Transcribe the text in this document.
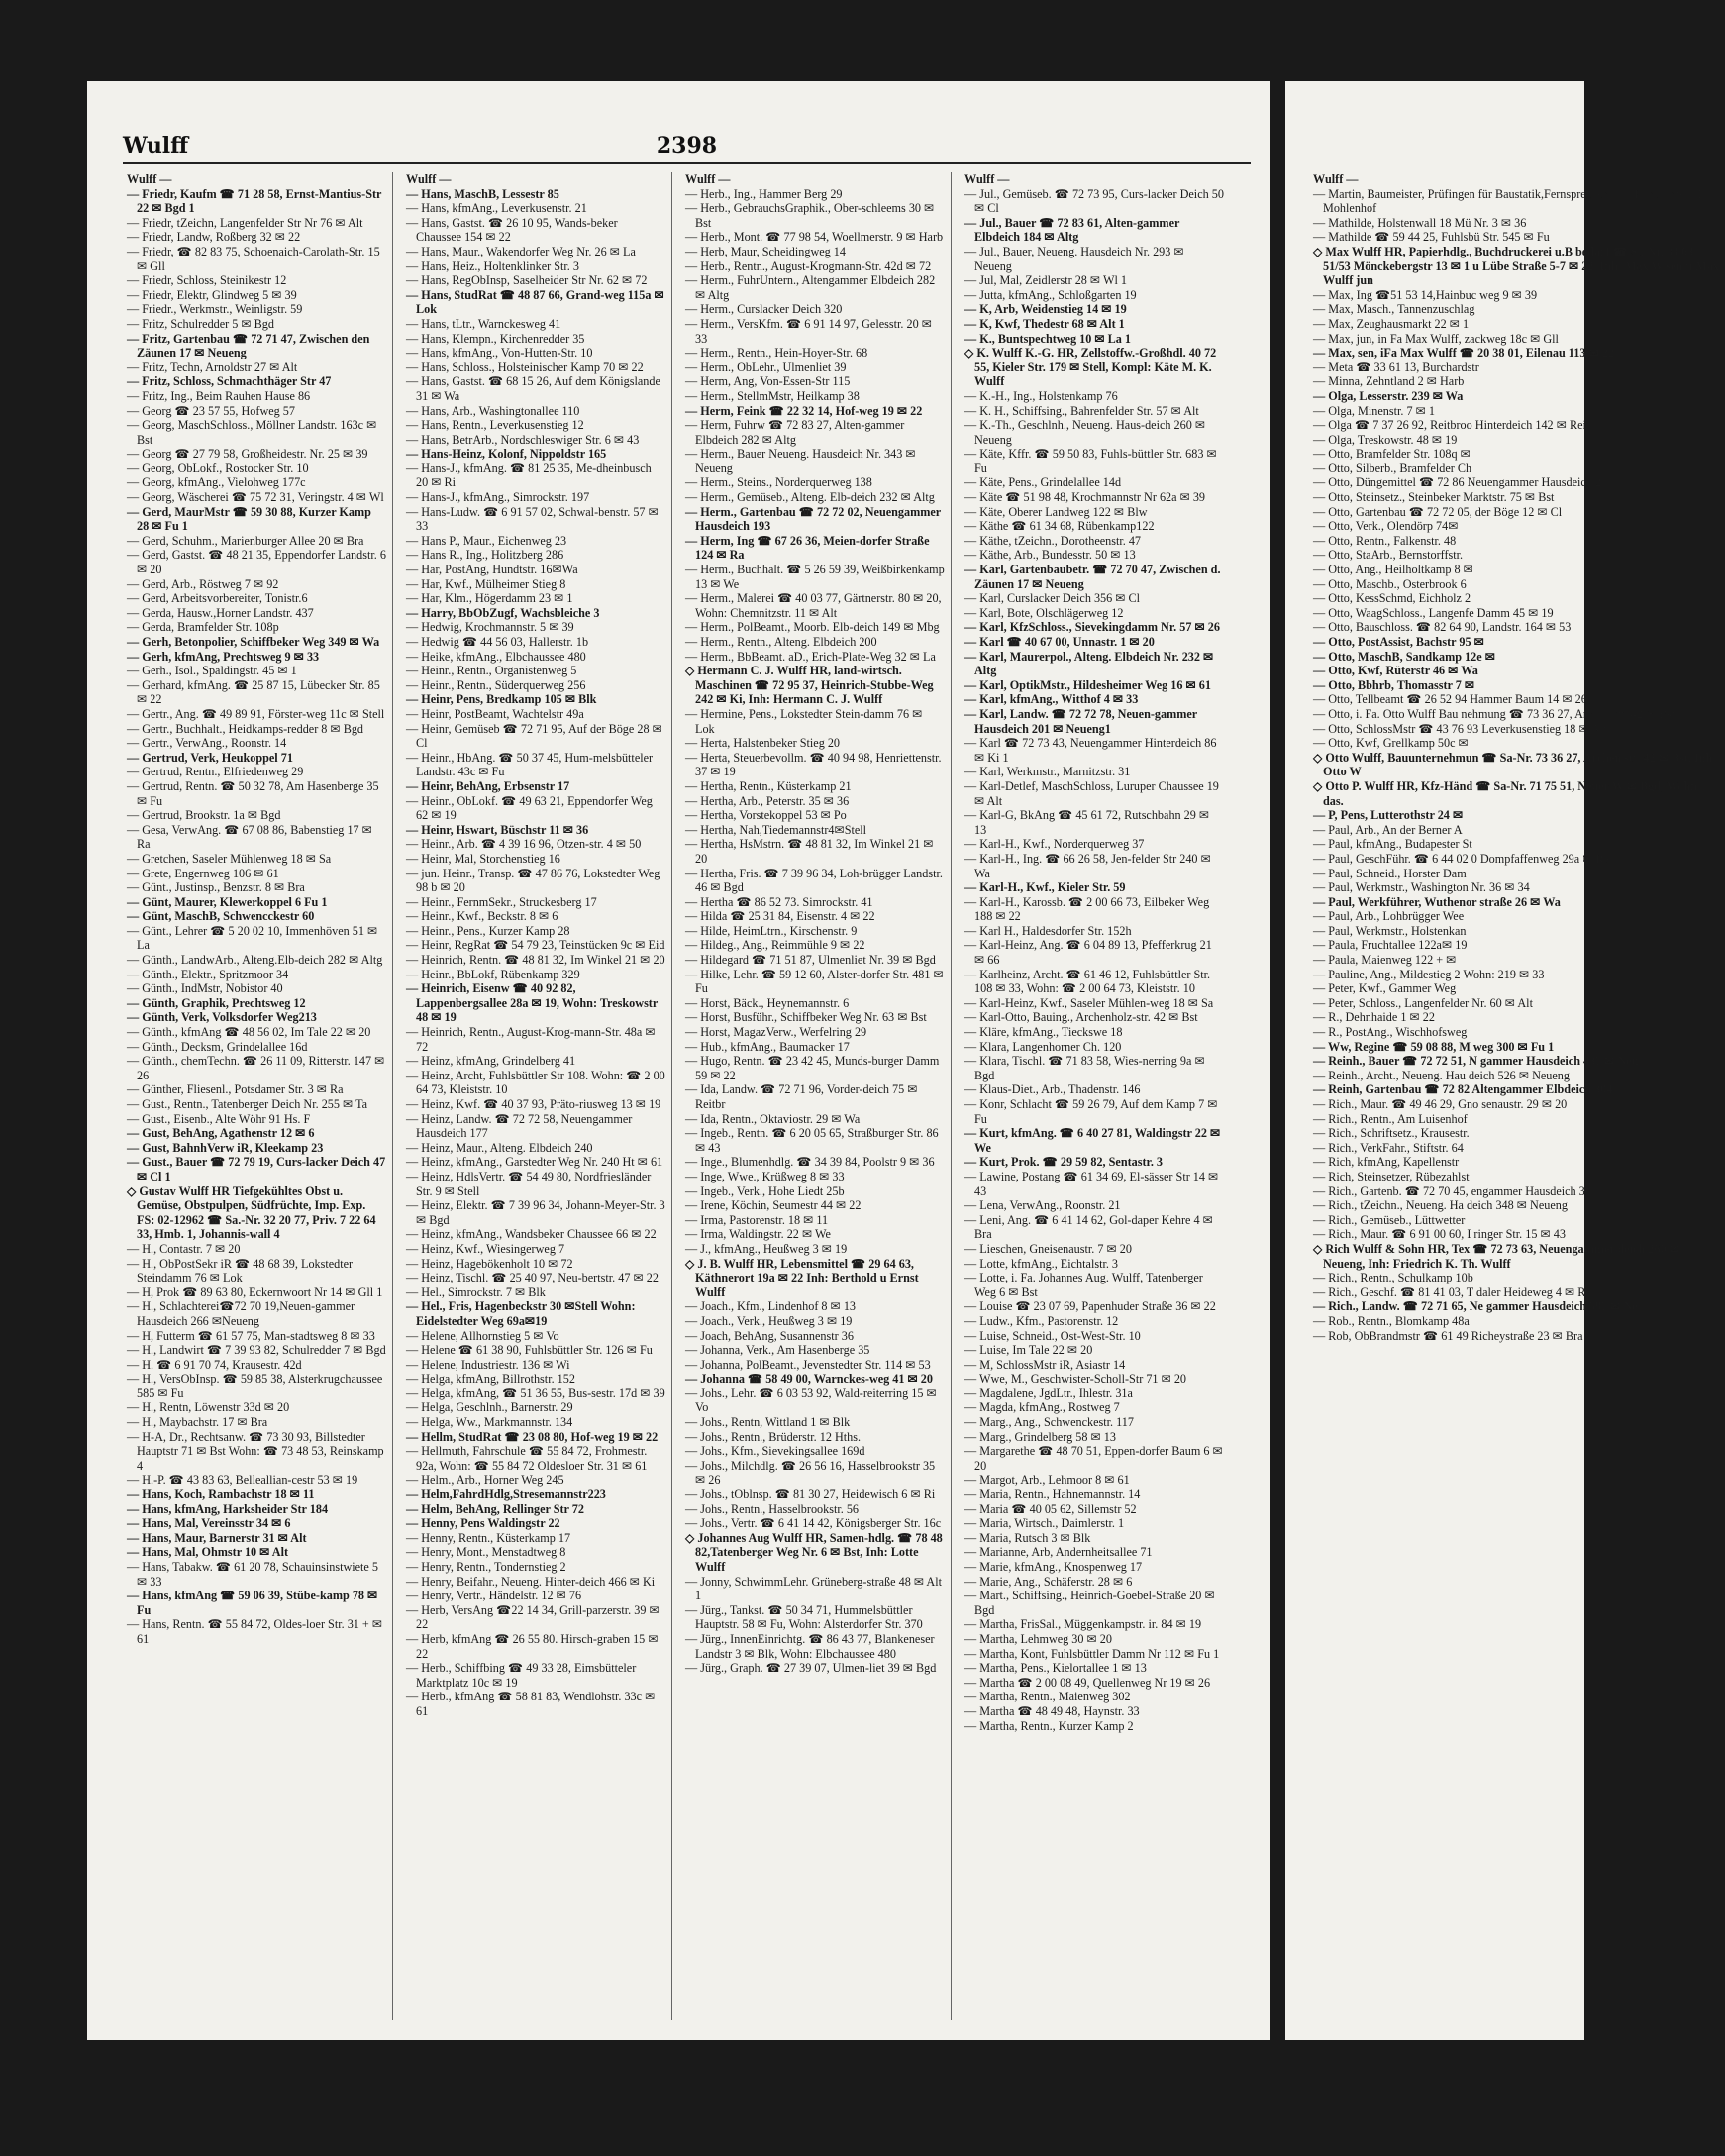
Wulff	2398
Wulff —
— Friedr, Kaufm ☎ 71 28 58, Ernst-Mantius-Str 22 ✉ Bgd 1
— Friedr, tZeichn, Langenfelder Str Nr 76 ✉ Alt
— Friedr, Landw, Roßberg 32 ✉ 22
— Friedr, ☎ 82 83 75, Schoenaich-Carolath-Str. 15 ✉ Gll
— Friedr, Schloss, Steinikestr 12
— Friedr, Elektr, Glindweg 5 ✉ 39
— Friedr., Werkmstr., Weinligstr. 59
— Fritz, Schulredder 5 ✉ Bgd
— Fritz, Gartenbau ☎ 72 71 47, Zwischen den Zäunen 17 ✉ Neueng
— Fritz, Techn, Arnoldstr 27 ✉ Alt
— Fritz, Schloss, Schmachthäger Str 47
— Fritz, Ing., Beim Rauhen Hause 86
— Georg ☎ 23 57 55, Hofweg 57
— Georg, MaschSchloss., Möllner Landstr. 163c ✉ Bst
— Georg ☎ 27 79 58, Großheidestr. Nr. 25 ✉ 39
— Georg, ObLokf., Rostocker Str. 10
— Georg, kfmAng., Vielohweg 177c
— Georg, Wäscherei ☎ 75 72 31, Veringstr. 4 ✉ Wl
— Gerd, MaurMstr ☎ 59 30 88, Kurzer Kamp 28 ✉ Fu 1
— Gerd, Schuhm., Marienburger Allee 20 ✉ Bra
— Gerd, Gastst. ☎ 48 21 35, Eppendorfer Landstr. 6 ✉ 20
— Gerd, Arb., Röstweg 7 ✉ 92
— Gerd, Arbeitsvorbereiter, Tonistr.6
— Gerda, Hausw.,Horner Landstr. 437
— Gerda, Bramfelder Str. 108p
— Gerh, Betonpolier, Schiffbeker Weg 349 ✉ Wa
— Gerh, kfmAng, Prechtsweg 9 ✉ 33
— Gerh., Isol., Spaldingstr. 45 ✉ 1
— Gerhard, kfmAng. ☎ 25 87 15, Lübecker Str. 85 ✉ 22
— Gertr., Ang. ☎ 49 89 91, Förster-weg 11c ✉ Stell
— Gertr., Buchhalt., Heidkamps-redder 8 ✉ Bgd
— Gertr., VerwAng., Roonstr. 14
— Gertrud, Verk, Heukoppel 71
— Gertrud, Rentn., Elfriedenweg 29
— Gertrud, Rentn. ☎ 50 32 78, Am Hasenberge 35 ✉ Fu
— Gertrud, Brookstr. 1a ✉ Bgd
— Gesa, VerwAng. ☎ 67 08 86, Babenstieg 17 ✉ Ra
— Gretchen, Saseler Mühlenweg 18 ✉ Sa
— Grete, Engernweg 106 ✉ 61
— Günt., Justinsp., Benzstr. 8 ✉ Bra
— Günt, Maurer, Klewerkoppel 6 Fu 1
— Günt, MaschB, Schwencckestr 60
— Günt., Lehrer ☎ 5 20 02 10, Immenhöven 51 ✉ La
— Günth., LandwArb., Alteng.Elb-deich 282 ✉ Altg
— Günth., Elektr., Spritzmoor 34
— Günth., IndMstr, Nobistor 40
— Günth, Graphik, Prechtsweg 12
— Günth, Verk, Volksdorfer Weg213
— Günth., kfmAng ☎ 48 56 02, Im Tale 22 ✉ 20
— Günth., Decksm, Grindelallee 16d
— Günth., chemTechn. ☎ 26 11 09, Ritterstr. 147 ✉ 26
— Günther, Fliesenl., Potsdamer Str. 3 ✉ Ra
— Gust., Rentn., Tatenberger Deich Nr. 255 ✉ Ta
— Gust., Eisenb., Alte Wöhr 91 Hs. F
— Gust, BehAng, Agathenstr 12 ✉ 6
— Gust, BahnhVerw iR, Kleekamp 23
— Gust., Bauer ☎ 72 79 19, Curs-lacker Deich 47 ✉ Cl 1
◇ Gustav Wulff HR Tiefgekühltes Obst u. Gemüse, Obstpulpen, Südfrüchte, Imp. Exp. FS: 02-12962 ☎ Sa.-Nr. 32 20 77, Priv. 7 22 64 33, Hmb. 1, Johannis-wall 4
— H., Contastr. 7 ✉ 20
— H., ObPostSekr iR ☎ 48 68 39, Lokstedter Steindamm 76 ✉ Lok
— H, Prok ☎ 89 63 80, Eckernwoort Nr 14 ✉ Gll 1
— H., Schlachterei☎72 70 19,Neuen-gammer Hausdeich 266 ✉Neueng
— H, Futterm ☎ 61 57 75, Man-stadtsweg 8 ✉ 33
— H., Landwirt ☎ 7 39 93 82, Schulredder 7 ✉ Bgd
— H. ☎ 6 91 70 74, Krausestr. 42d
— H., VersObInsp. ☎ 59 85 38, Alsterkrugchaussee 585 ✉ Fu
— H., Rentn, Löwenstr 33d ✉ 20
— H., Maybachstr. 17 ✉ Bra
— H-A, Dr., Rechtsanw. ☎ 73 30 93, Billstedter Hauptstr 71 ✉ Bst Wohn: ☎ 73 48 53, Reinskamp 4
— H.-P. ☎ 43 83 63, Belleallian-cestr 53 ✉ 19
— Hans, Koch, Rambachstr 18 ✉ 11
— Hans, kfmAng, Harksheider Str 184
— Hans, Mal, Vereinsstr 34 ✉ 6
— Hans, Maur, Barnerstr 31 ✉ Alt
— Hans, Mal, Ohmstr 10 ✉ Alt
— Hans, Tabakw. ☎ 61 20 78, Schauinsinstwiete 5 ✉ 33
— Hans, kfmAng ☎ 59 06 39, Stübe-kamp 78 ✉ Fu
— Hans, Rentn. ☎ 55 84 72, Oldes-loer Str. 31 + ✉ 61
Wulff —
— Hans, MaschB, Lessestr 85
— Hans, kfmAng., Leverkusenstr. 21
— Hans, Gastst. ☎ 26 10 95, Wands-beker Chaussee 154 ✉ 22
— Hans, Maur., Wakendorfer Weg Nr. 26 ✉ La
— Hans, Heiz., Holtenklinker Str. 3
— Hans, RegObInsp, Saselheider Str Nr. 62 ✉ 72
— Hans, StudRat ☎ 48 87 66, Grand-weg 115a ✉ Lok
— Hans, tLtr., Warnckesweg 41
— Hans, Klempn., Kirchenredder 35
— Hans, kfmAng., Von-Hutten-Str. 10
— Hans, Schloss., Holsteinischer Kamp 70 ✉ 22
— Hans, Gastst. ☎ 68 15 26, Auf dem Königslande 31 ✉ Wa
— Hans, Arb., Washingtonallee 110
— Hans, Rentn., Leverkusenstieg 12
— Hans, BetrArb., Nordschleswiger Str. 6 ✉ 43
— Hans-Heinz, Kolonf, Nippoldstr 165
— Hans-J., kfmAng. ☎ 81 25 35, Me-dheinbusch 20 ✉ Ri
— Hans-J., kfmAng., Simrockstr. 197
— Hans-Ludw. ☎ 6 91 57 02, Schwal-benstr. 57 ✉ 33
— Hans P., Maur., Eichenweg 23
— Hans R., Ing., Holitzberg 286
— Har, PostAng, Hundtstr. 16✉Wa
— Har, Kwf., Mülheimer Stieg 8
— Har, Klm., Högerdamm 23 ✉ 1
— Harry, BbObZugf, Wachsbleiche 3
— Hedwig, Krochmannstr. 5 ✉ 39
— Hedwig ☎ 44 56 03, Hallerstr. 1b
— Heike, kfmAng., Elbchaussee 480
— Heinr., Rentn., Organistenweg 5
— Heinr., Rentn., Süderquerweg 256
— Heinr, Pens, Bredkamp 105 ✉ Blk
— Heinr, PostBeamt, Wachtelstr 49a
— Heinr, Gemüseb ☎ 72 71 95, Auf der Böge 28 ✉ Cl
— Heinr., HbAng. ☎ 50 37 45, Hum-melsbütteler Landstr. 43c ✉ Fu
— Heinr, BehAng, Erbsenstr 17
— Heinr., ObLokf. ☎ 49 63 21, Eppendorfer Weg 62 ✉ 19
— Heinr, Hswart, Büschstr 11 ✉ 36
— Heinr., Arb. ☎ 4 39 16 96, Otzen-str. 4 ✉ 50
— Heinr, Mal, Storchenstieg 16
— jun. Heinr., Transp. ☎ 47 86 76, Lokstedter Weg 98 b ✉ 20
— Heinr., FernmSekr., Struckesberg 17
— Heinr., Kwf., Beckstr. 8 ✉ 6
— Heinr., Pens., Kurzer Kamp 28
— Heinr, RegRat ☎ 54 79 23, Teinstücken 9c ✉ Eid
— Heinrich, Rentn. ☎ 48 81 32, Im Winkel 21 ✉ 20
— Heinr., BbLokf, Rübenkamp 329
— Heinrich, Eisenw ☎ 40 92 82, Lappenbergsallee 28a ✉ 19, Wohn: Treskowstr 48 ✉ 19
— Heinrich, Rentn., August-Krog-mann-Str. 48a ✉ 72
— Heinz, kfmAng, Grindelberg 41
— Heinz, Archt, Fuhlsbüttler Str 108. Wohn: ☎ 2 00 64 73, Kleiststr. 10
— Heinz, Kwf. ☎ 40 37 93, Präto-riusweg 13 ✉ 19
— Heinz, Landw. ☎ 72 72 58, Neuengammer Hausdeich 177
— Heinz, Maur., Alteng. Elbdeich 240
— Heinz, kfmAng., Garstedter Weg Nr. 240 Ht ✉ 61
— Heinz, HdlsVertr. ☎ 54 49 80, Nordfriesländer Str. 9 ✉ Stell
— Heinz, Elektr. ☎ 7 39 96 34, Johann-Meyer-Str. 3 ✉ Bgd
— Heinz, kfmAng., Wandsbeker Chaussee 66 ✉ 22
— Heinz, Kwf., Wiesingerweg 7
— Heinz, Hagebökenholt 10 ✉ 72
— Heinz, Tischl. ☎ 25 40 97, Neu-bertstr. 47 ✉ 22
— Hel., Simrockstr. 7 ✉ Blk
— Hel., Fris, Hagenbeckstr 30 ✉Stell Wohn: Eidelstedter Weg 69a✉19
— Helene, Allhornstieg 5 ✉ Vo
— Helene ☎ 61 38 90, Fuhlsbüttler Str. 126 ✉ Fu
— Helene, Industriestr. 136 ✉ Wi
— Helga, kfmAng, Billrothstr. 152
— Helga, kfmAng, ☎ 51 36 55, Bus-sestr. 17d ✉ 39
— Helga, Geschlnh., Barnerstr. 29
— Helga, Ww., Markmannstr. 134
— Hellm, StudRat ☎ 23 08 80, Hof-weg 19 ✉ 22
— Hellmuth, Fahrschule ☎ 55 84 72, Frohmestr. 92a, Wohn: ☎ 55 84 72 Oldesloer Str. 31 ✉ 61
— Helm., Arb., Horner Weg 245
— Helm,FahrdHdlg,Stresemannstr223
— Helm, BehAng, Rellinger Str 72
— Henny, Pens Waldingstr 22
— Henny, Rentn., Küsterkamp 17
— Henry, Mont., Menstadtweg 8
— Henry, Rentn., Tondernstieg 2
— Henry, Beifahr., Neueng. Hinter-deich 466 ✉ Ki
— Henry, Vertr., Händelstr. 12 ✉ 76
— Herb, VersAng ☎22 14 34, Grill-parzerstr. 39 ✉ 22
— Herb, kfmAng ☎ 26 55 80. Hirsch-graben 15 ✉ 22
— Herb., Schiffbing ☎ 49 33 28, Eimsbütteler Marktplatz 10c ✉ 19
— Herb., kfmAng ☎ 58 81 83, Wendlohstr. 33c ✉ 61
Wulff —
— Herb., Ing., Hammer Berg 29
— Herb., GebrauchsGraphik., Ober-schleems 30 ✉ Bst
— Herb., Mont. ☎ 77 98 54, Woellmerstr. 9 ✉ Harb
— Herb, Maur, Scheidingweg 14
— Herb., Rentn., August-Krogmann-Str. 42d ✉ 72
— Herm., FuhrUntern., Altengammer Elbdeich 282 ✉ Altg
— Herm., Curslacker Deich 320
— Herm., VersKfm. ☎ 6 91 14 97, Gelesstr. 20 ✉ 33
— Herm., Rentn., Hein-Hoyer-Str. 68
— Herm., ObLehr., Ulmenliet 39
— Herm, Ang, Von-Essen-Str 115
— Herm., StellmMstr, Heilkamp 38
— Herm, Feink ☎ 22 32 14, Hof-weg 19 ✉ 22
— Herm, Fuhrw ☎ 72 83 27, Alten-gammer Elbdeich 282 ✉ Altg
— Herm., Bauer Neueng. Hausdeich Nr. 343 ✉ Neueng
— Herm., Steins., Norderquerweg 138
— Herm., Gemüseb., Alteng. Elb-deich 232 ✉ Altg
— Herm., Gartenbau ☎ 72 72 02, Neuengammer Hausdeich 193
— Herm, Ing ☎ 67 26 36, Meien-dorfer Straße 124 ✉ Ra
— Herm., Buchhalt. ☎ 5 26 59 39, Weißbirkenkamp 13 ✉ We
— Herm., Malerei ☎ 40 03 77, Gärtnerstr. 80 ✉ 20, Wohn: Chemnitzstr. 11 ✉ Alt
— Herm., PolBeamt., Moorb. Elb-deich 149 ✉ Mbg
— Herm., Rentn., Alteng. Elbdeich 200
— Herm., BbBeamt. aD., Erich-Plate-Weg 32 ✉ La
◇ Hermann C. J. Wulff HR, land-wirtsch. Maschinen ☎ 72 95 37, Heinrich-Stubbe-Weg 242 ✉ Ki, Inh: Hermann C. J. Wulff
— Hermine, Pens., Lokstedter Stein-damm 76 ✉ Lok
— Herta, Halstenbeker Stieg 20
— Herta, Steuerbevollm. ☎ 40 94 98, Henriettenstr. 37 ✉ 19
— Hertha, Rentn., Küsterkamp 21
— Hertha, Arb., Peterstr. 35 ✉ 36
— Hertha, Vorstekoppel 53 ✉ Po
— Hertha, Nah,Tiedemannstr4✉Stell
— Hertha, HsMstrn. ☎ 48 81 32, Im Winkel 21 ✉ 20
— Hertha, Fris. ☎ 7 39 96 34, Loh-brügger Landstr. 46 ✉ Bgd
— Hertha ☎ 86 52 73. Simrockstr. 41
— Hilda ☎ 25 31 84, Eisenstr. 4 ✉ 22
— Hilde, HeimLtrn., Kirschenstr. 9
— Hildeg., Ang., Reimmühle 9 ✉ 22
— Hildegard ☎ 71 51 87, Ulmenliet Nr. 39 ✉ Bgd
— Hilke, Lehr. ☎ 59 12 60, Alster-dorfer Str. 481 ✉ Fu
— Horst, Bäck., Heynemannstr. 6
— Horst, Busführ., Schiffbeker Weg Nr. 63 ✉ Bst
— Horst, MagazVerw., Werfelring 29
— Hub., kfmAng., Baumacker 17
— Hugo, Rentn. ☎ 23 42 45, Munds-burger Damm 59 ✉ 22
— Ida, Landw. ☎ 72 71 96, Vorder-deich 75 ✉ Reitbr
— Ida, Rentn., Oktaviostr. 29 ✉ Wa
— Ingeb., Rentn. ☎ 6 20 05 65, Straßburger Str. 86 ✉ 43
— Inge., Blumenhdlg. ☎ 34 39 84, Poolstr 9 ✉ 36
— Inge, Wwe., Krüßweg 8 ✉ 33
— Ingeb., Verk., Hohe Liedt 25b
— Irene, Köchin, Seumestr 44 ✉ 22
— Irma, Pastorenstr. 18 ✉ 11
— Irma, Waldingstr. 22 ✉ We
— J., kfmAng., Heußweg 3 ✉ 19
◇ J. B. Wulff HR, Lebensmittel ☎ 29 64 63, Käthnerort 19a ✉ 22 Inh: Berthold u Ernst Wulff
— Joach., Kfm., Lindenhof 8 ✉ 13
— Joach., Verk., Heußweg 3 ✉ 19
— Joach, BehAng, Susannenstr 36
— Johanna, Verk., Am Hasenberge 35
— Johanna, PolBeamt., Jevenstedter Str. 114 ✉ 53
— Johanna ☎ 58 49 00, Warnckes-weg 41 ✉ 20
— Johs., Lehr. ☎ 6 03 53 92, Wald-reiterring 15 ✉ Vo
— Johs., Rentn, Wittland 1 ✉ Blk
— Johs., Rentn., Brüderstr. 12 Hths.
— Johs., Kfm., Sievekingsallee 169d
— Johs., Milchdlg. ☎ 26 56 16, Hasselbrookstr 35 ✉ 26
— Johs., tOblnsp. ☎ 81 30 27, Heidewisch 6 ✉ Ri
— Johs., Rentn., Hasselbrookstr. 56
— Johs., Vertr. ☎ 6 41 14 42, Königsberger Str. 16c
◇ Johannes Aug Wulff HR, Samen-hdlg. ☎ 78 48 82,Tatenberger Weg Nr. 6 ✉ Bst, Inh: Lotte Wulff
— Jonny, SchwimmLehr. Grüneberg-straße 48 ✉ Alt 1
— Jürg., Tankst. ☎ 50 34 71, Hummelsbüttler Hauptstr. 58 ✉ Fu, Wohn: Alsterdorfer Str. 370
— Jürg., InnenEinrichtg. ☎ 86 43 77, Blankeneser Landstr 3 ✉ Blk, Wohn: Elbchaussee 480
— Jürg., Graph. ☎ 27 39 07, Ulmen-liet 39 ✉ Bgd
Wulff —
— Jul., Gemüseb. ☎ 72 73 95, Curs-lacker Deich 50 ✉ Cl
— Jul., Bauer ☎ 72 83 61, Alten-gammer Elbdeich 184 ✉ Altg
— Jul., Bauer, Neueng. Hausdeich Nr. 293 ✉ Neueng
— Jul, Mal, Zeidlerstr 28 ✉ Wl 1
— Jutta, kfmAng., Schloßgarten 19
— K, Arb, Weidenstieg 14 ✉ 19
— K, Kwf, Thedestr 68 ✉ Alt 1
— K., Buntspechtweg 10 ✉ La 1
◇ K. Wulff K.-G. HR, Zellstoffw.-Großhdl. 40 72 55, Kieler Str. 179 ✉ Stell, Kompl: Käte M. K. Wulff
— K.-H., Ing., Holstenkamp 76
— K. H., Schiffsing., Bahrenfelder Str. 57 ✉ Alt
— K.-Th., Geschlnh., Neueng. Haus-deich 260 ✉ Neueng
— Käte, Kffr. ☎ 59 50 83, Fuhls-büttler Str. 683 ✉ Fu
— Käte, Pens., Grindelallee 14d
— Käte ☎ 51 98 48, Krochmannstr Nr 62a ✉ 39
— Käte, Oberer Landweg 122 ✉ Blw
— Käthe ☎ 61 34 68, Rübenkamp122
— Käthe, tZeichn., Dorotheenstr. 47
— Käthe, Arb., Bundesstr. 50 ✉ 13
— Karl, Gartenbaubetr. ☎ 72 70 47, Zwischen d. Zäunen 17 ✉ Neueng
— Karl, Curslacker Deich 356 ✉ Cl
— Karl, Bote, Olschlägerweg 12
— Karl, KfzSchloss., Sievekingdamm Nr. 57 ✉ 26
— Karl ☎ 40 67 00, Unnastr. 1 ✉ 20
— Karl, Maurerpol., Alteng. Elbdeich Nr. 232 ✉ Altg
— Karl, OptikMstr., Hildesheimer Weg 16 ✉ 61
— Karl, kfmAng., Witthof 4 ✉ 33
— Karl, Landw. ☎ 72 72 78, Neuen-gammer Hausdeich 201 ✉ Neueng1
— Karl ☎ 72 73 43, Neuengammer Hinterdeich 86 ✉ Ki 1
— Karl, Werkmstr., Marnitzstr. 31
— Karl-Detlef, MaschSchloss, Luruper Chaussee 19 ✉ Alt
— Karl-G, BkAng ☎ 45 61 72, Rutschbahn 29 ✉ 13
— Karl-H., Kwf., Norderquerweg 37
— Karl-H., Ing. ☎ 66 26 58, Jen-felder Str 240 ✉ Wa
— Karl-H., Kwf., Kieler Str. 59
— Karl-H., Karossb. ☎ 2 00 66 73, Eilbeker Weg 188 ✉ 22
— Karl H., Haldesdorfer Str. 152h
— Karl-Heinz, Ang. ☎ 6 04 89 13, Pfefferkrug 21 ✉ 66
— Karlheinz, Archt. ☎ 61 46 12, Fuhlsbüttler Str. 108 ✉ 33, Wohn: ☎ 2 00 64 73, Kleiststr. 10
— Karl-Heinz, Kwf., Saseler Mühlen-weg 18 ✉ Sa
— Karl-Otto, Bauing., Archenholz-str. 42 ✉ Bst
— Kläre, kfmAng., Tieckswe 18
— Klara, Langenhorner Ch. 120
— Klara, Tischl. ☎ 71 83 58, Wies-nerring 9a ✉ Bgd
— Klaus-Diet., Arb., Thadenstr. 146
— Konr, Schlacht ☎ 59 26 79, Auf dem Kamp 7 ✉ Fu
— Kurt, kfmAng. ☎ 6 40 27 81, Waldingstr 22 ✉ We
— Kurt, Prok. ☎ 29 59 82, Sentastr. 3
— Lawine, Postang ☎ 61 34 69, El-sässer Str 14 ✉ 43
— Lena, VerwAng., Roonstr. 21
— Leni, Ang. ☎ 6 41 14 62, Gol-daper Kehre 4 ✉ Bra
— Lieschen, Gneisenaustr. 7 ✉ 20
— Lotte, kfmAng., Eichtalstr. 3
— Lotte, i. Fa. Johannes Aug. Wulff, Tatenberger Weg 6 ✉ Bst
— Louise ☎ 23 07 69, Papenhuder Straße 36 ✉ 22
— Ludw., Kfm., Pastorenstr. 12
— Luise, Schneid., Ost-West-Str. 10
— Luise, Im Tale 22 ✉ 20
— M, SchlossMstr iR, Asiastr 14
— Wwe, M., Geschwister-Scholl-Str 71 ✉ 20
— Magdalene, JgdLtr., Ihlestr. 31a
— Magda, kfmAng., Rostweg 7
— Marg., Ang., Schwenckestr. 117
— Marg., Grindelberg 58 ✉ 13
— Margarethe ☎ 48 70 51, Eppen-dorfer Baum 6 ✉ 20
— Margot, Arb., Lehmoor 8 ✉ 61
— Maria, Rentn., Hahnemannstr. 14
— Maria ☎ 40 05 62, Sillemstr 52
— Maria, Wirtsch., Daimlerstr. 1
— Maria, Rutsch 3 ✉ Blk
— Marianne, Arb, Andernheitsallee 71
— Marie, kfmAng., Knospenweg 17
— Marie, Ang., Schäferstr. 28 ✉ 6
— Mart., Schiffsing., Heinrich-Goebel-Straße 20 ✉ Bgd
— Martha, FrisSal., Müggenkampstr. ir. 84 ✉ 19
— Martha, Lehmweg 30 ✉ 20
— Martha, Kont, Fuhlsbüttler Damm Nr 112 ✉ Fu 1
— Martha, Pens., Kielortallee 1 ✉ 13
— Martha ☎ 2 00 08 49, Quellenweg Nr 19 ✉ 26
— Martha, Rentn., Maienweg 302
— Martha ☎ 48 49 48, Haynstr. 33
— Martha, Rentn., Kurzer Kamp 2
Wulff —
— Martin, Baumeister, Prüfingen für Baustatik,Fernsprecher:33 7 Burchardstr. 17, Mohlenhof
— Mathilde, Holstenwall 18 Mü Nr. 3 ✉ 36
— Mathilde ☎ 59 44 25, Fuhlsbü Str. 545 ✉ Fu
◇ Max Wulff HR, Papierhdlg., Buchdruckerei u.B bedarf ☎ Sa-Nr. 33 63 51/53 Mönckebergstr 13 ✉ 1 u Lübe Straße 5-7 ✉ 22, Inh: Max W sen u Max Wulff jun
— Max, Ing ☎51 53 14,Hainbuc weg 9 ✉ 39
— Max, Masch., Tannenzuschlag
— Max, Zeughausmarkt 22 ✉ 1
— Max, jun, in Fa Max Wulff, zackweg 18c ✉ Gll
— Max, sen, iFa Max Wulff ☎ 20 38 01, Eilenau 113 ✉ 22
— Meta ☎ 33 61 13, Burchardstr
— Minna, Zehntland 2 ✉ Harb
— Olga, Lesserstr. 239 ✉ Wa
— Olga, Minenstr. 7 ✉ 1
— Olga ☎ 7 37 26 92, Reitbroo Hinterdeich 142 ✉ Reitbr
— Olga, Treskowstr. 48 ✉ 19
— Otto, Bramfelder Str. 108q ✉
— Otto, Silberb., Bramfelder Ch
— Otto, Düngemittel ☎ 72 86 Neuengammer Hausdeich 263
— Otto, Steinsetz., Steinbeker Marktstr. 75 ✉ Bst
— Otto, Gartenbau ☎ 72 72 05, der Böge 12 ✉ Cl
— Otto, Verk., Olendörp 74✉
— Otto, Rentn., Falkenstr. 48
— Otto, StaArb., Bernstorffstr.
— Otto, Ang., Heilholtkamp 8 ✉
— Otto, Maschb., Osterbrook 6
— Otto, KessSchmd, Eichholz 2
— Otto, WaagSchloss., Langenfe Damm 45 ✉ 19
— Otto, Bauschloss. ☎ 82 64 90, Landstr. 164 ✉ 53
— Otto, PostAssist, Bachstr 95 ✉
— Otto, MaschB, Sandkamp 12e ✉
— Otto, Kwf, Rüterstr 46 ✉ Wa
— Otto, Bbhrb, Thomasstr 7 ✉
— Otto, Tellbeamt ☎ 26 52 94 Hammer Baum 14 ✉ 26
— Otto, i. Fa. Otto Wulff Bau nehmung ☎ 73 36 27, Archen str. 42 ✉ Bst
— Otto, SchlossMstr ☎ 43 76 93 Leverkusenstieg 18 ✉ Alt
— Otto, Kwf, Grellkamp 50c ✉
◇ Otto Wulff, Bauunternehmun ☎ Sa-Nr. 73 36 27, Archen str. 42 ✉ Bst, Inh: Otto W
◇ Otto P. Wulff HR, Kfz-Händ ☎ Sa-Nr. 71 75 51, Neuer W ✉ Bgd, Wohn: das.
— P, Pens, Lutterothstr 24 ✉
— Paul, Arb., An der Berner A
— Paul, kfmAng., Budapester St
— Paul, GeschFühr. ☎ 6 44 02 0 Dompfaffenweg 29a ✉ Ra
— Paul, Schneid., Horster Dam
— Paul, Werkmstr., Washington Nr. 36 ✉ 34
— Paul, Werkführer, Wuthenor straße 26 ✉ Wa
— Paul, Arb., Lohbrügger Wee
— Paul, Werkmstr., Holstenkan
— Paula, Fruchtallee 122a✉ 19
— Paula, Maienweg 122 + ✉
— Pauline, Ang., Mildestieg 2 Wohn: 219 ✉ 33
— Peter, Kwf., Gammer Weg
— Peter, Schloss., Langenfelder Nr. 60 ✉ Alt
— R., Dehnhaide 1 ✉ 22
— R., PostAng., Wischhofsweg
— Ww, Regine ☎ 59 08 88, M weg 300 ✉ Fu 1
— Reinh., Bauer ☎ 72 72 51, N gammer Hausdeich 437 ✉ Neu
— Reinh., Archt., Neueng. Hau deich 526 ✉ Neueng
— Reinh, Gartenbau ☎ 72 82 Altengammer Elbdeich 304
— Rich., Maur. ☎ 49 46 29, Gno senaustr. 29 ✉ 20
— Rich., Rentn., Am Luisenhof
— Rich., Schriftsetz., Krausestr.
— Rich., VerkFahr., Stiftstr. 64
— Rich, kfmAng, Kapellenstr
— Rich, Steinsetzer, Rübezahlst
— Rich., Gartenb. ☎ 72 70 45, engammer Hausdeich 337
— Rich., tZeichn., Neueng. Ha deich 348 ✉ Neueng
— Rich., Gemüseb., Lüttwetter
— Rich., Maur. ☎ 6 91 00 60, I ringer Str. 15 ✉ 43
◇ Rich Wulff & Sohn HR, Tex ☎ 72 73 63, Neuengammer deich 260 ✉ Neueng, Inh: Friedrich K. Th. Wulff
— Rich., Rentn., Schulkamp 10b
— Rich., Geschf. ☎ 81 41 03, T daler Heideweg 4 ✉ Ri
— Rich., Landw. ☎ 72 71 65, Ne gammer Hausdeich 597 ✉ Ne
— Rob., Rentn., Blomkamp 48a
— Rob, ObBrandmstr ☎ 61 49 Richeystraße 23 ✉ Bra
